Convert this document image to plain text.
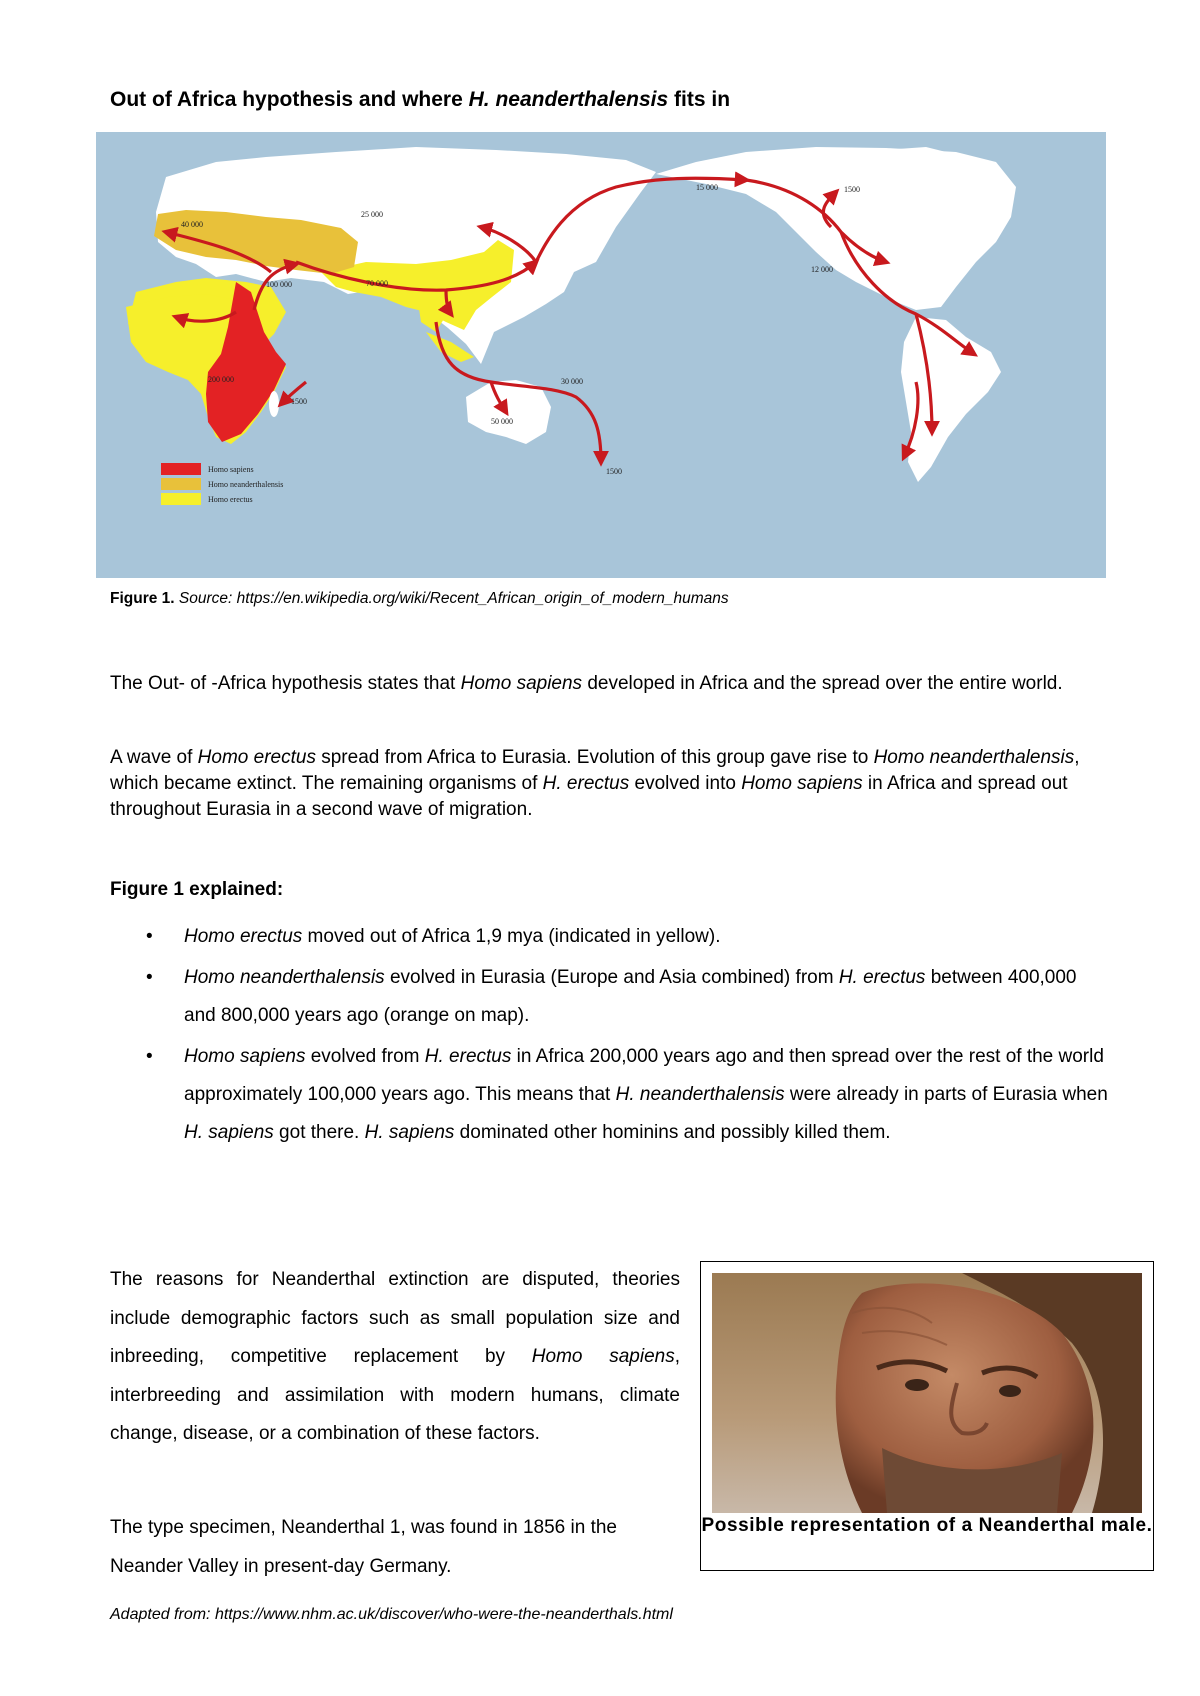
Out of Africa hypothesis and where H. neanderthalensis fits in
200 000
100 000
40 000
25 000
70 000
15 000	1500
12 000
30 000
50 000
1500
1500
Homo sapiens
Homo neanderthalensis
Homo erectus
Figure 1. Source: https://en.wikipedia.org/wiki/Recent_African_origin_of_modern_humans

The Out- of -Africa hypothesis states that Homo sapiens developed in Africa and the spread over the entire world.

A wave of Homo erectus spread from Africa to Eurasia. Evolution of this group gave rise to Homo neanderthalensis, which became extinct. The remaining organisms of H. erectus evolved into Homo sapiens in Africa and spread out throughout Eurasia in a second wave of migration.

Figure 1 explained:
• Homo erectus moved out of Africa 1,9 mya (indicated in yellow).
• Homo neanderthalensis evolved in Eurasia (Europe and Asia combined) from H. erectus between 400,000 and 800,000 years ago (orange on map).
• Homo sapiens evolved from H. erectus in Africa 200,000 years ago and then spread over the rest of the world approximately 100,000 years ago. This means that H. neanderthalensis were already in parts of Eurasia when H. sapiens got there. H. sapiens dominated other hominins and possibly killed them.

The reasons for Neanderthal extinction are disputed, theories include demographic factors such as small population size and inbreeding, competitive replacement by Homo sapiens, interbreeding and assimilation with modern humans, climate change, disease, or a combination of these factors.

The type specimen, Neanderthal 1, was found in 1856 in the Neander Valley in present-day Germany.

Possible representation of a Neanderthal male.
Adapted from: https://www.nhm.ac.uk/discover/who-were-the-neanderthals.html
